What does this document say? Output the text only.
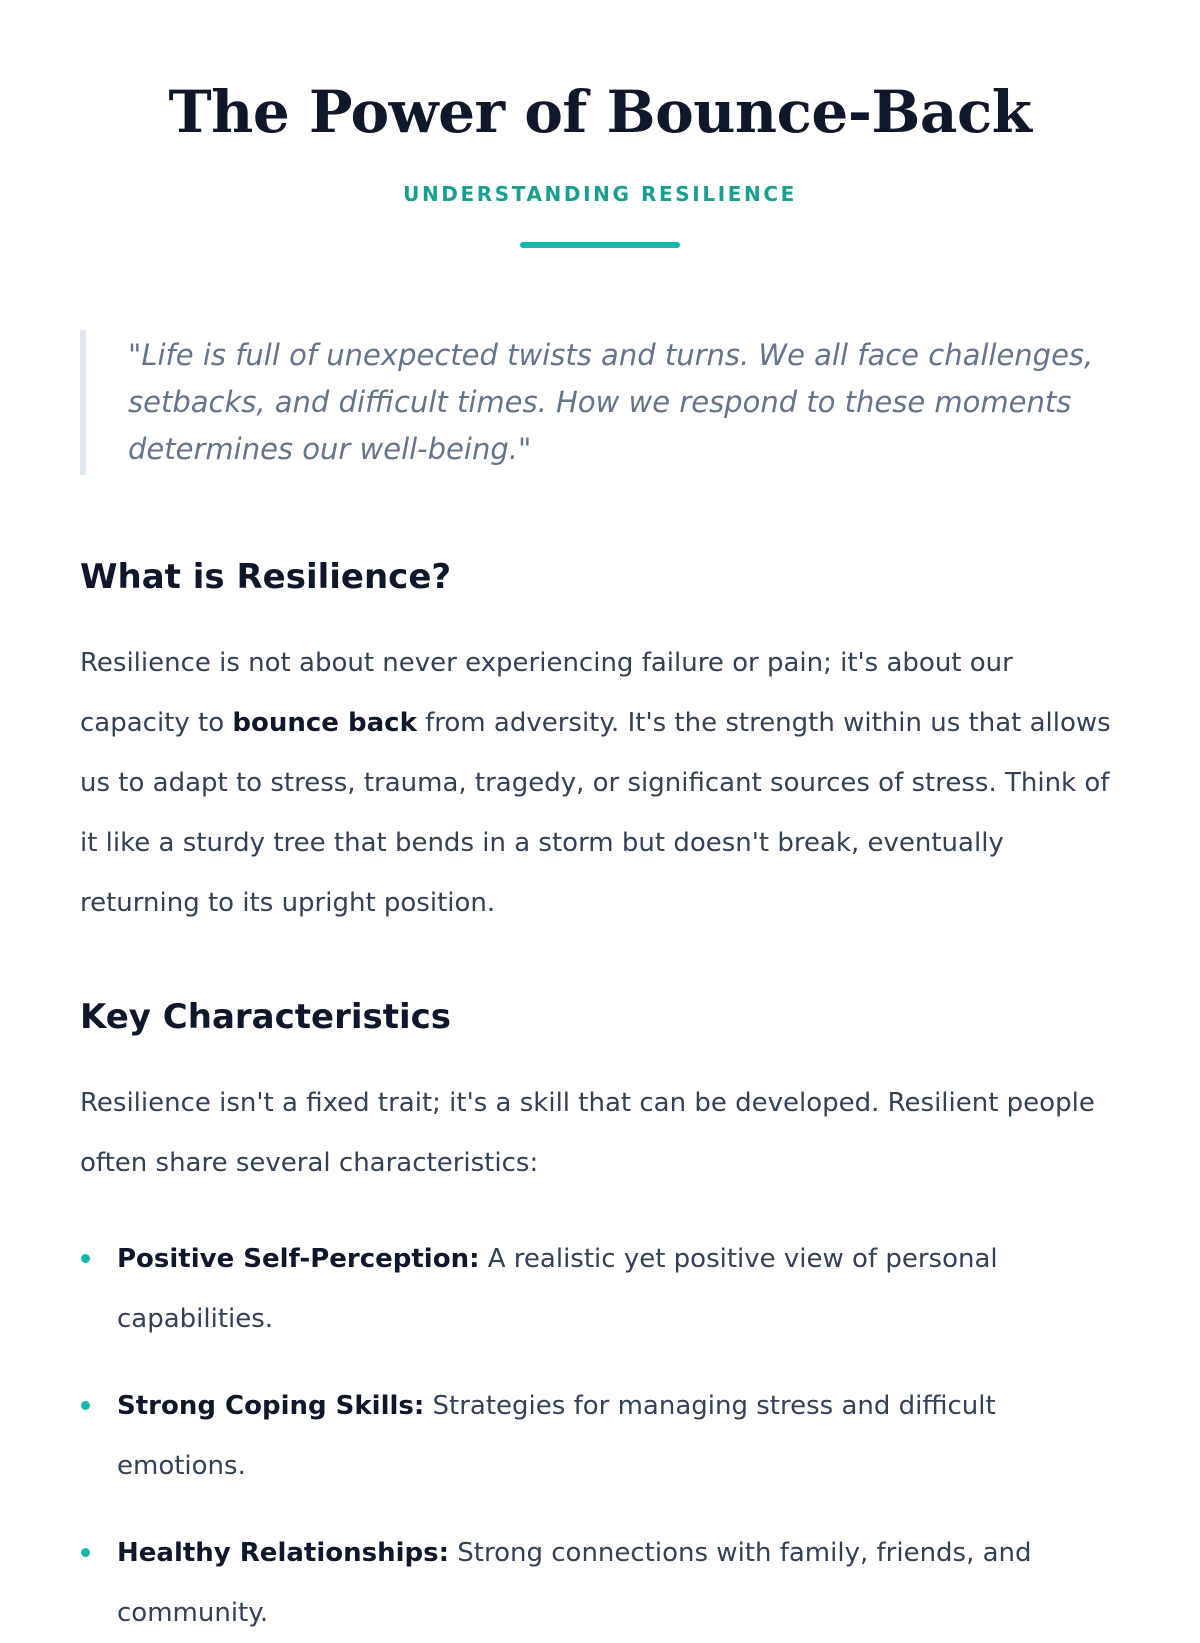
The Power of Bounce-Back
UNDERSTANDING RESILIENCE
"Life is full of unexpected twists and turns. We all face challenges, setbacks, and difficult times. How we respond to these moments determines our well-being."
What is Resilience?

Resilience is not about never experiencing failure or pain; it's about our capacity to bounce back from adversity. It's the strength within us that allows us to adapt to stress, trauma, tragedy, or significant sources of stress. Think of it like a sturdy tree that bends in a storm but doesn't break, eventually returning to its upright position.

Key Characteristics

Resilience isn't a fixed trait; it's a skill that can be developed. Resilient people often share several characteristics:

Positive Self-Perception: A realistic yet positive view of personal capabilities.
Strong Coping Skills: Strategies for managing stress and difficult emotions.
Healthy Relationships: Strong connections with family, friends, and community.
